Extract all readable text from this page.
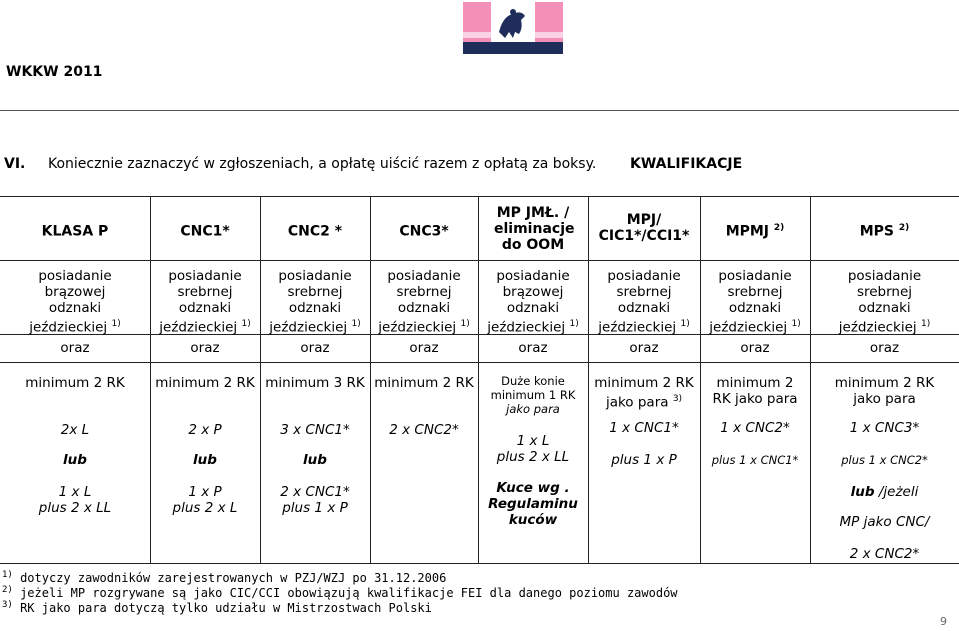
WKKW 2011
VI. Koniecznie zaznaczyć w zgłoszeniach, a opłatę uiścić razem z opłatą za boksy. KWALIFIKACJE
KLASA P
posiadanie
brązowej
odznaki
jeździeckiej $^{1)}$
oraz
minimum 2 RK
2x L
lub
1 x L
plus 2 x LL
CNC1*
posiadanie
srebrnej
odznaki
jeździeckiej $^{1)}$
oraz
minimum 2 RK
2 x P
lub
1 x P
plus 2 x L
CNC2 *
posiadanie
srebrnej
odznaki
jeździeckiej $^{1)}$
oraz
minimum 3 RK
3 x CNC1*
lub
2 x CNC1*
plus 1 x P
CNC3*
posiadanie
srebrnej
odznaki
jeździeckiej $^{1)}$
oraz
minimum 2 RK
2 x CNC2*
MP JMŁ. / eliminacje do OOM
posiadanie
brązowej
odznaki
jeździeckiej $^{1)}$
oraz
Duże konie
minimum 1 RK
jako para
1 x L
plus 2 x LL
Kuce wg .
Regulaminu
kuców
MPJ/ CIC1*/CCI1*
posiadanie
srebrnej
odznaki
jeździeckiej $^{1)}$
oraz
minimum 2 RK
jako para $^{3)}$
1 x CNC1*
plus 1 x P
MPMJ $^{2)}$
posiadanie
srebrnej
odznaki
jeździeckiej $^{1)}$
oraz
minimum 2
RK jako para
1 x CNC2*
plus 1 x CNC1*
MPS $^{2)}$
posiadanie
srebrnej
odznaki
jeździeckiej $^{1)}$
oraz
minimum 2 RK
jako para
1 x CNC3*
plus 1 x CNC2*
lub /jeżeli
MP jako CNC/
2 x CNC2*
$^{1)}$ dotyczy zawodników zarejestrowanych w PZJ/WZJ po 31.12.2006
$^{2)}$ jeżeli MP rozgrywane są jako CIC/CCI obowiązują kwalifikacje FEI dla danego poziomu zawodów
$^{3)}$ RK jako para dotyczą tylko udziału w Mistrzostwach Polski
9
